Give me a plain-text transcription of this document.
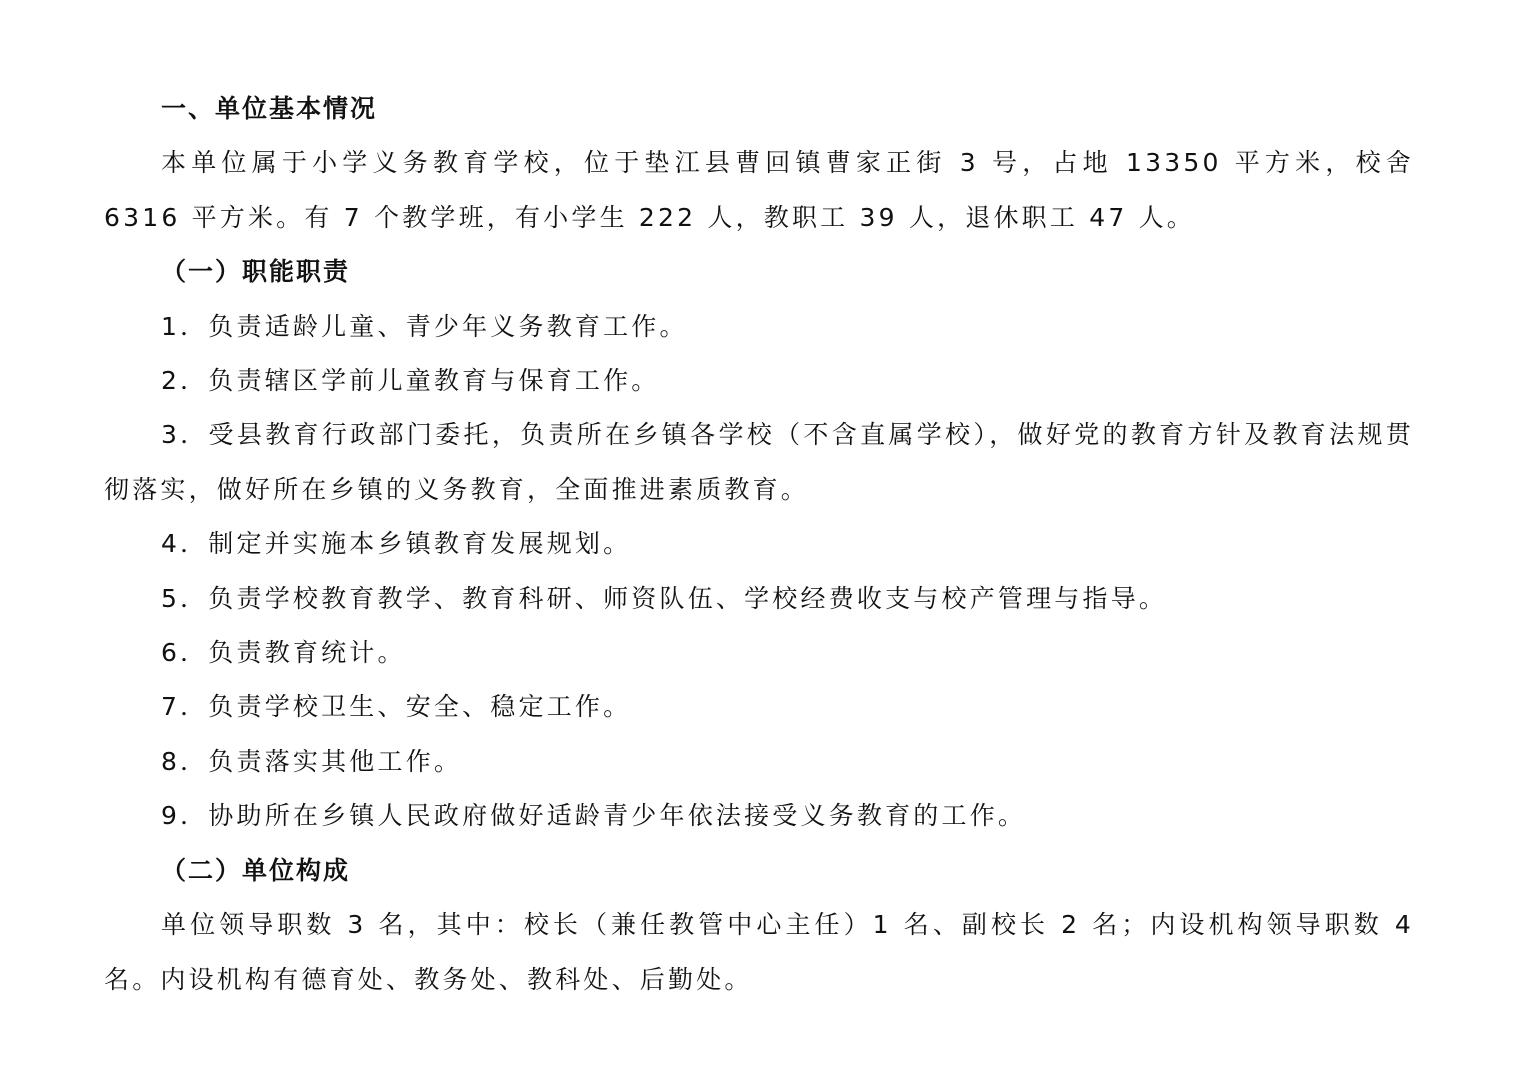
一、单位基本情况

本单位属于小学义务教育学校，位于垫江县曹回镇曹家正街 3 号，占地 13350 平方米，校舍 6316 平方米。有 7 个教学班，有小学生 222 人，教职工 39 人，退休职工 47 人。

（一）职能职责
1．负责适龄儿童、青少年义务教育工作。
2．负责辖区学前儿童教育与保育工作。

3．受县教育行政部门委托，负责所在乡镇各学校（不含直属学校），做好党的教育方针及教育法规贯彻落实，做好所在乡镇的义务教育，全面推进素质教育。

4．制定并实施本乡镇教育发展规划。
5．负责学校教育教学、教育科研、师资队伍、学校经费收支与校产管理与指导。
6．负责教育统计。
7．负责学校卫生、安全、稳定工作。
8．负责落实其他工作。
9．协助所在乡镇人民政府做好适龄青少年依法接受义务教育的工作。
（二）单位构成

单位领导职数 3 名，其中：校长（兼任教管中心主任）1 名、副校长 2 名；内设机构领导职数 4 名。内设机构有德育处、教务处、教科处、后勤处。
